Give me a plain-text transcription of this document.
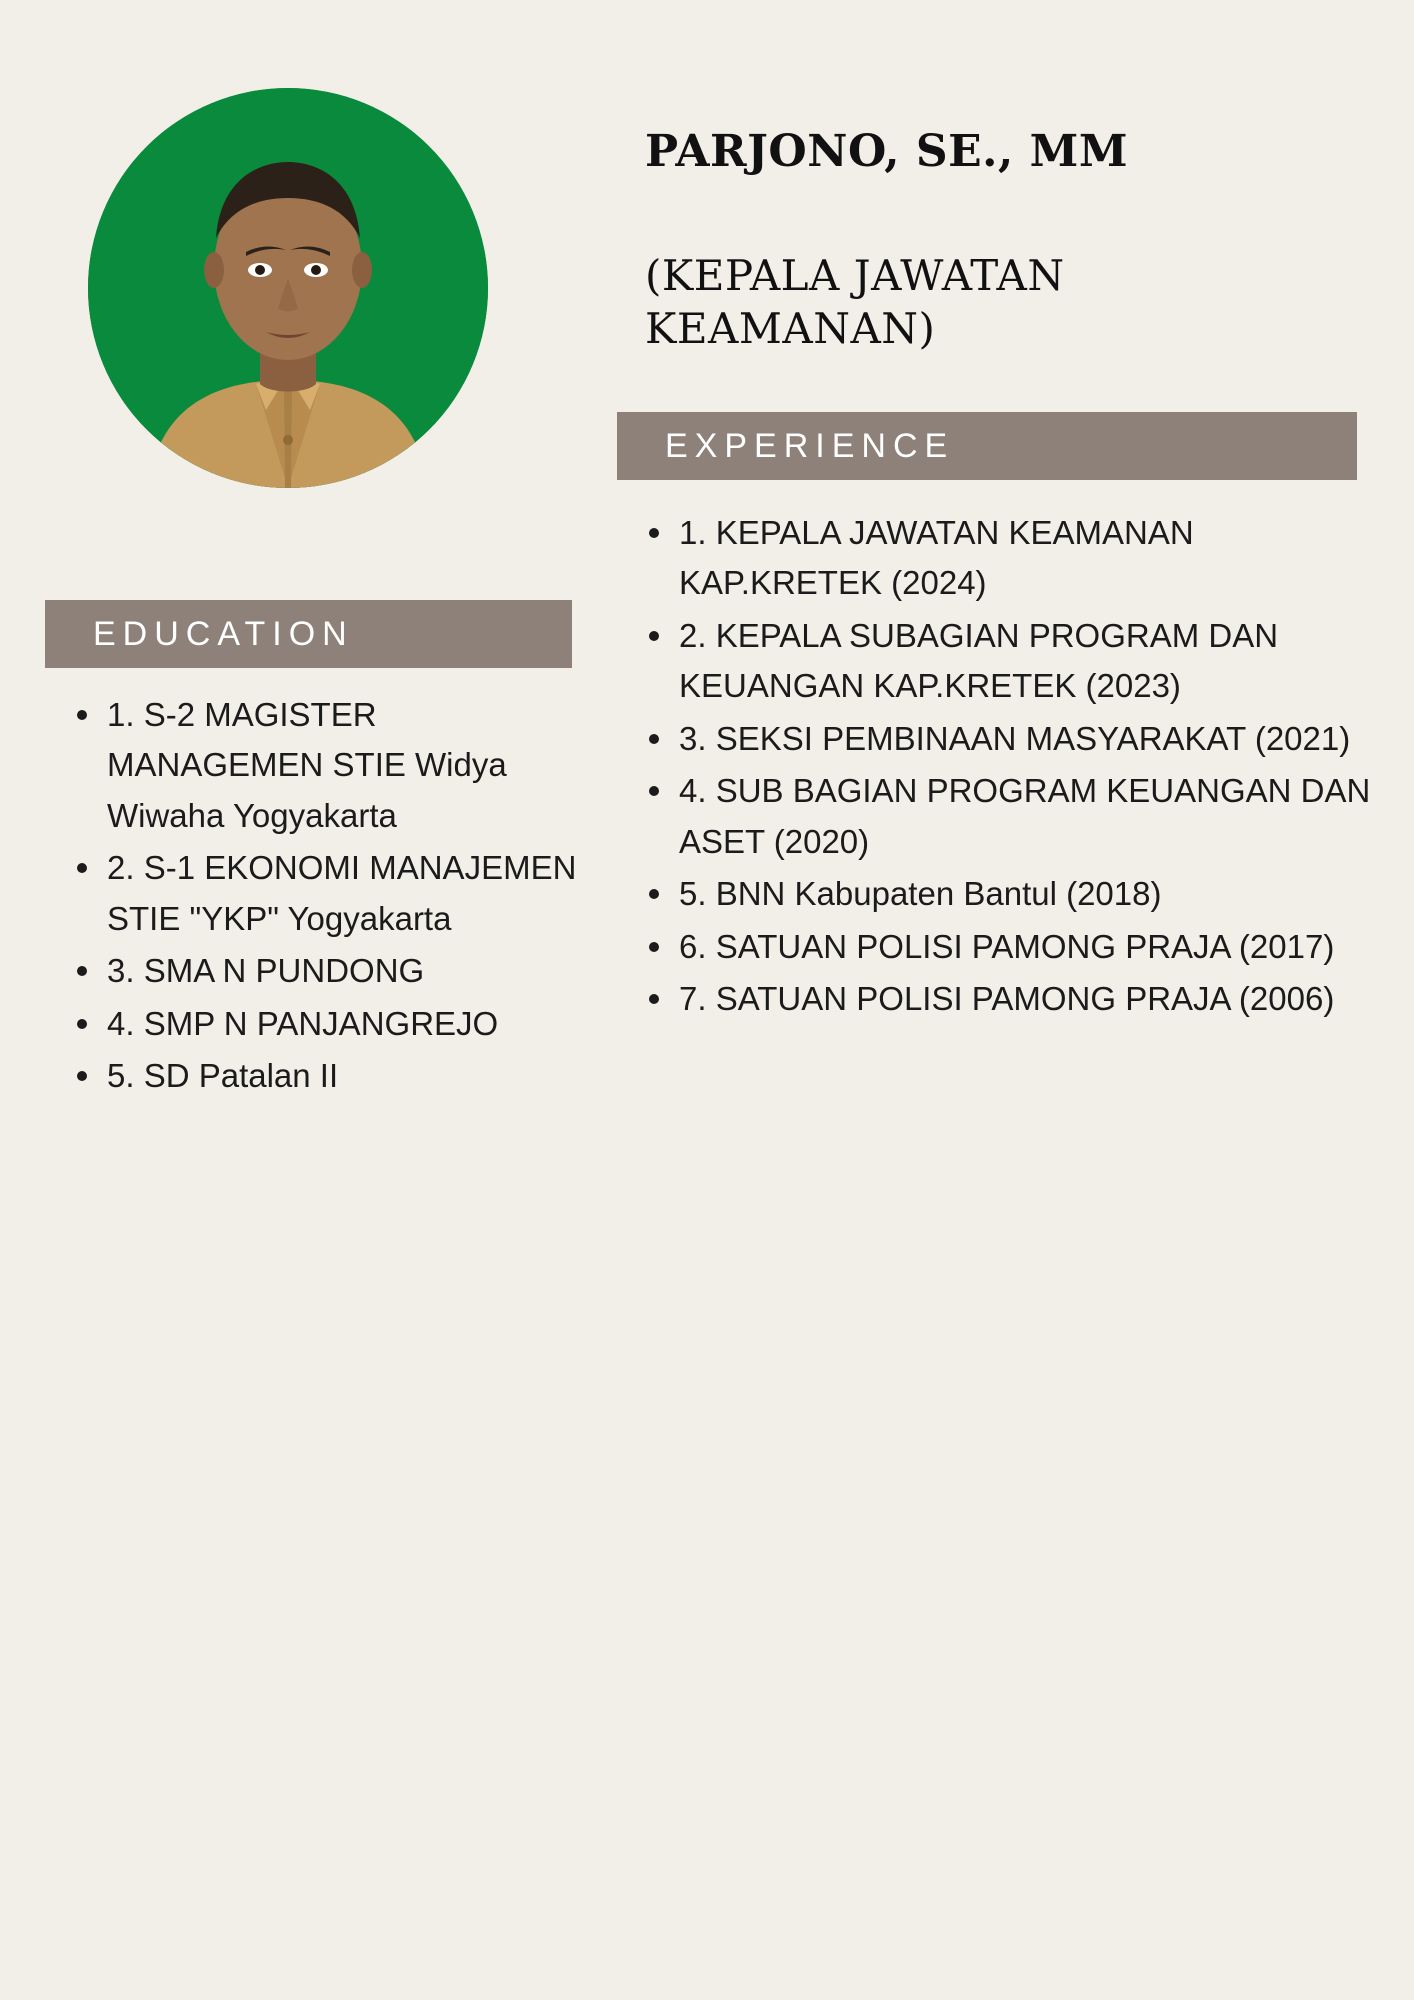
PARJONO, SE., MM
(KEPALA JAWATAN KEAMANAN)
EXPERIENCE
1. KEPALA JAWATAN KEAMANAN KAP.KRETEK (2024)
2. KEPALA SUBAGIAN PROGRAM DAN KEUANGAN KAP.KRETEK (2023)
3. SEKSI PEMBINAAN MASYARAKAT (2021)
4. SUB BAGIAN PROGRAM KEUANGAN DAN ASET (2020)
5. BNN Kabupaten Bantul (2018)
6. SATUAN POLISI PAMONG PRAJA (2017)
7. SATUAN POLISI PAMONG PRAJA (2006)
EDUCATION
1. S-2 MAGISTER MANAGEMEN STIE Widya Wiwaha Yogyakarta
2. S-1 EKONOMI MANAJEMEN STIE "YKP" Yogyakarta
3. SMA N PUNDONG
4. SMP N PANJANGREJO
5. SD Patalan II
